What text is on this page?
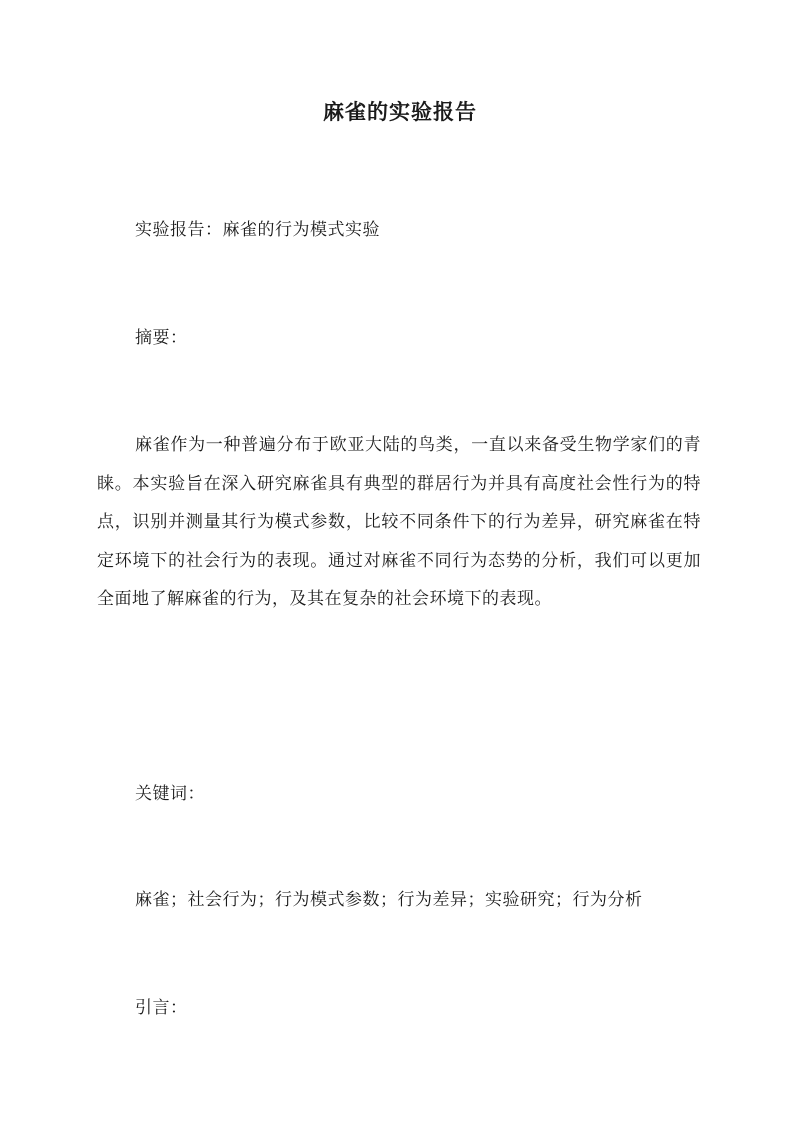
麻雀的实验报告

实验报告：麻雀的行为模式实验

摘要：

麻雀作为一种普遍分布于欧亚大陆的鸟类，一直以来备受生物学家们的青睐。本实验旨在深入研究麻雀具有典型的群居行为并具有高度社会性行为的特点，识别并测量其行为模式参数，比较不同条件下的行为差异，研究麻雀在特定环境下的社会行为的表现。通过对麻雀不同行为态势的分析，我们可以更加全面地了解麻雀的行为，及其在复杂的社会环境下的表现。

关键词：

麻雀；社会行为；行为模式参数；行为差异；实验研究；行为分析

引言：
